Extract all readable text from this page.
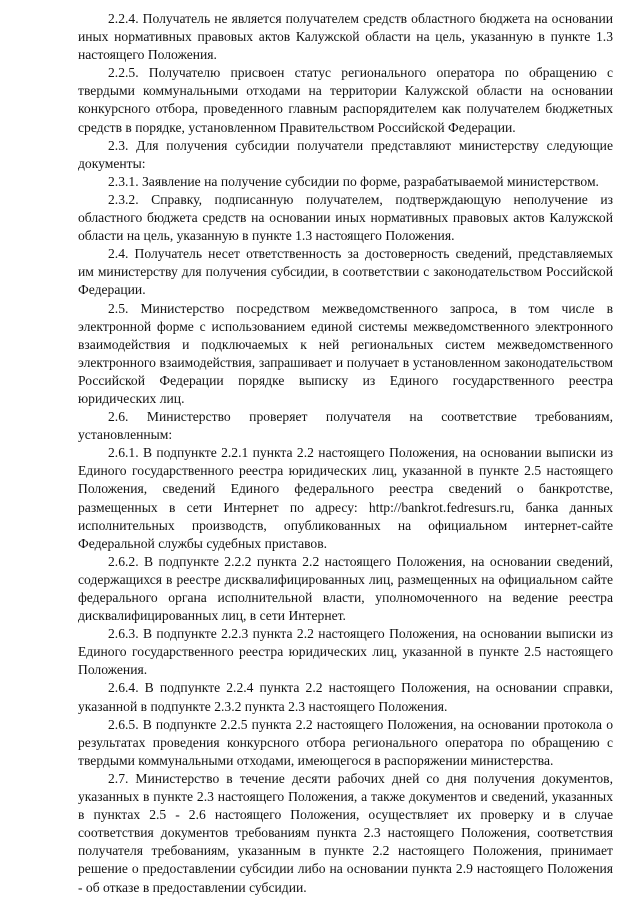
2.2.4. Получатель не является получателем средств областного бюджета на основании иных нормативных правовых актов Калужской области на цель, указанную в пункте 1.3 настоящего Положения.

2.2.5. Получателю присвоен статус регионального оператора по обращению с твердыми коммунальными отходами на территории Калужской области на основании конкурсного отбора, проведенного главным распорядителем как получателем бюджетных средств в порядке, установленном Правительством Российской Федерации.

2.3. Для получения субсидии получатели представляют министерству следующие документы:

2.3.1. Заявление на получение субсидии по форме, разрабатываемой министерством.

2.3.2. Справку, подписанную получателем, подтверждающую неполучение из областного бюджета средств на основании иных нормативных правовых актов Калужской области на цель, указанную в пункте 1.3 настоящего Положения.

2.4. Получатель несет ответственность за достоверность сведений, представляемых им министерству для получения субсидии, в соответствии с законодательством Российской Федерации.

2.5. Министерство посредством межведомственного запроса, в том числе в электронной форме с использованием единой системы межведомственного электронного взаимодействия и подключаемых к ней региональных систем межведомственного электронного взаимодействия, запрашивает и получает в установленном законодательством Российской Федерации порядке выписку из Единого государственного реестра юридических лиц.

2.6. Министерство проверяет получателя на соответствие требованиям, установленным:

2.6.1. В подпункте 2.2.1 пункта 2.2 настоящего Положения, на основании выписки из Единого государственного реестра юридических лиц, указанной в пункте 2.5 настоящего Положения, сведений Единого федерального реестра сведений о банкротстве, размещенных в сети Интернет по адресу: http://bankrot.fedresurs.ru, банка данных исполнительных производств, опубликованных на официальном интернет-сайте Федеральной службы судебных приставов.

2.6.2. В подпункте 2.2.2 пункта 2.2 настоящего Положения, на основании сведений, содержащихся в реестре дисквалифицированных лиц, размещенных на официальном сайте федерального органа исполнительной власти, уполномоченного на ведение реестра дисквалифицированных лиц, в сети Интернет.

2.6.3. В подпункте 2.2.3 пункта 2.2 настоящего Положения, на основании выписки из Единого государственного реестра юридических лиц, указанной в пункте 2.5 настоящего Положения.

2.6.4. В подпункте 2.2.4 пункта 2.2 настоящего Положения, на основании справки, указанной в подпункте 2.3.2 пункта 2.3 настоящего Положения.

2.6.5. В подпункте 2.2.5 пункта 2.2 настоящего Положения, на основании протокола о результатах проведения конкурсного отбора регионального оператора по обращению с твердыми коммунальными отходами, имеющегося в распоряжении министерства.

2.7. Министерство в течение десяти рабочих дней со дня получения документов, указанных в пункте 2.3 настоящего Положения, а также документов и сведений, указанных в пунктах 2.5 - 2.6 настоящего Положения, осуществляет их проверку и в случае соответствия документов требованиям пункта 2.3 настоящего Положения, соответствия получателя требованиям, указанным в пункте 2.2 настоящего Положения, принимает решение о предоставлении субсидии либо на основании пункта 2.9 настоящего Положения - об отказе в предоставлении субсидии.
